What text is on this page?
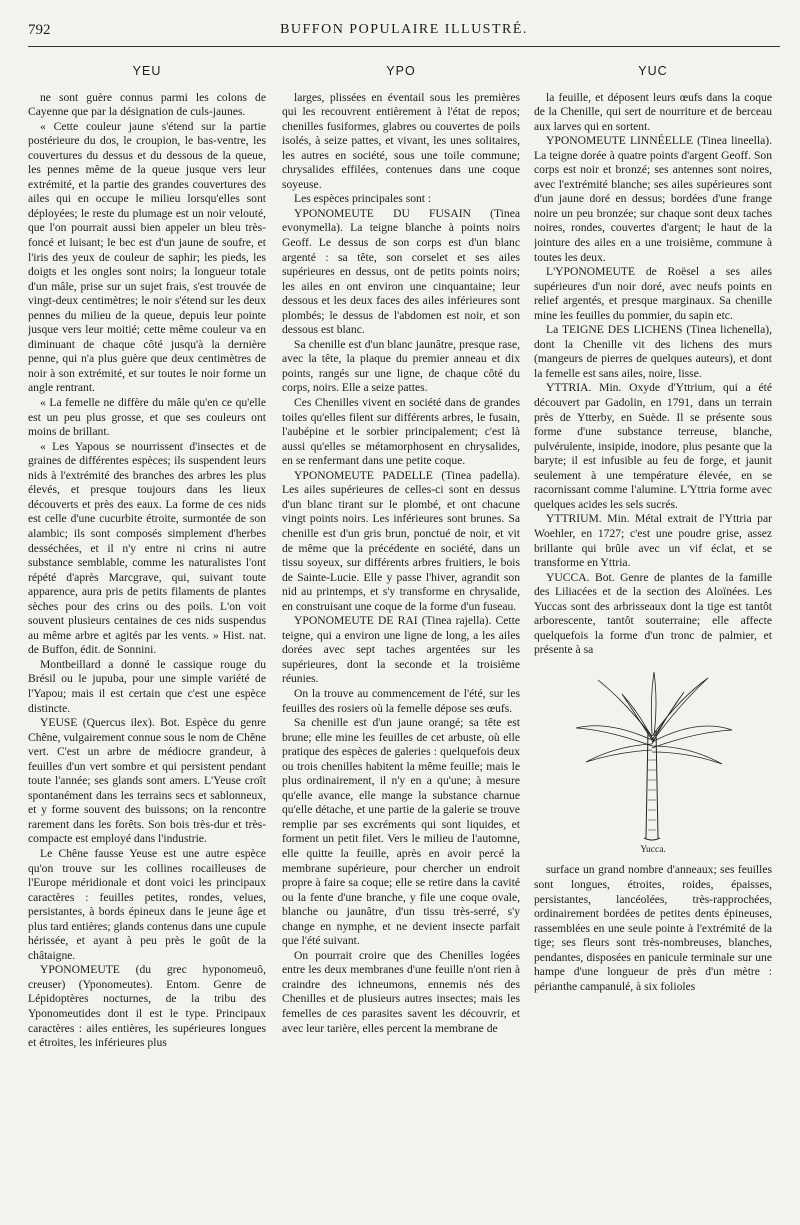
792	BUFFON POPULAIRE ILLUSTRÉ.
YEU

ne sont guère connus parmi les colons de Cayenne que par la désignation de culs-jaunes.

« Cette couleur jaune s'étend sur la partie postérieure du dos, le croupion, le bas-ventre, les couvertures du dessus et du dessous de la queue, les pennes même de la queue jusque vers leur extrémité, et la partie des grandes couvertures des ailes qui en occupe le milieu lorsqu'elles sont déployées; le reste du plumage est un noir velouté, que l'on pourrait aussi bien appeler un bleu très-foncé et luisant; le bec est d'un jaune de soufre, et l'iris des yeux de couleur de saphir; les pieds, les doigts et les ongles sont noirs; la longueur totale d'un mâle, prise sur un sujet frais, s'est trouvée de vingt-deux centimètres; le noir s'étend sur les deux pennes du milieu de la queue, depuis leur pointe jusque vers leur moitié; cette même couleur va en diminuant de chaque côté jusqu'à la dernière penne, qui n'a plus guère que deux centimètres de noir à son extrémité, et sur toutes le noir forme un angle rentrant.

« La femelle ne diffère du mâle qu'en ce qu'elle est un peu plus grosse, et que ses couleurs ont moins de brillant.

« Les Yapous se nourrissent d'insectes et de graines de différentes espèces; ils suspendent leurs nids à l'extrémité des branches des arbres les plus élevés, et presque toujours dans les lieux découverts et près des eaux. La forme de ces nids est celle d'une cucurbite étroite, surmontée de son alambic; ils sont composés simplement d'herbes desséchées, et il n'y entre ni crins ni autre substance semblable, comme les naturalistes l'ont répété d'après Marcgrave, qui, suivant toute apparence, aura pris de petits filaments de plantes sèches pour des crins ou des poils. L'on voit souvent plusieurs centaines de ces nids suspendus au même arbre et agités par les vents. » Hist. nat. de Buffon, édit. de Sonnini.

Montbeillard a donné le cassique rouge du Brésil ou le jupuba, pour une simple variété de l'Yapou; mais il est certain que c'est une espèce distincte.

YEUSE (Quercus ilex). Bot. Espèce du genre Chêne, vulgairement connue sous le nom de Chêne vert. C'est un arbre de médiocre grandeur, à feuilles d'un vert sombre et qui persistent pendant toute l'année; ses glands sont amers. L'Yeuse croît spontanément dans les terrains secs et sablonneux, et y forme souvent des buissons; on la rencontre rarement dans les forêts. Son bois très-dur et très-compacte est employé dans l'industrie.

Le Chêne fausse Yeuse est une autre espèce qu'on trouve sur les collines rocailleuses de l'Europe méridionale et dont voici les principaux caractères : feuilles petites, rondes, velues, persistantes, à bords épineux dans le jeune âge et plus tard entières; glands contenus dans une cupule hérissée, et ayant à peu près le goût de la châtaigne.

YPONOMEUTE (du grec hyponomeuô, creuser) (Yponomeutes). Entom. Genre de Lépidoptères nocturnes, de la tribu des Yponomeutides dont il est le type. Principaux caractères : ailes entières, les supérieures longues et étroites, les inférieures plus

YPO

larges, plissées en éventail sous les premières qui les recouvrent entièrement à l'état de repos; chenilles fusiformes, glabres ou couvertes de poils isolés, à seize pattes, et vivant, les unes solitaires, les autres en société, sous une toile commune; chrysalides effilées, contenues dans une coque soyeuse.

Les espèces principales sont :

YPONOMEUTE DU FUSAIN (Tinea evonymella). La teigne blanche à points noirs Geoff. Le dessus de son corps est d'un blanc argenté : sa tête, son corselet et ses ailes supérieures en dessus, ont de petits points noirs; les ailes en ont environ une cinquantaine; leur dessous et les deux faces des ailes inférieures sont plombés; le dessus de l'abdomen est noir, et son dessous est blanc.

Sa chenille est d'un blanc jaunâtre, presque rase, avec la tête, la plaque du premier anneau et dix points, rangés sur une ligne, de chaque côté du corps, noirs. Elle a seize pattes.

Ces Chenilles vivent en société dans de grandes toiles qu'elles filent sur différents arbres, le fusain, l'aubépine et le sorbier principalement; c'est là aussi qu'elles se métamorphosent en chrysalides, en se renfermant dans une petite coque.

YPONOMEUTE PADELLE (Tinea padella). Les ailes supérieures de celles-ci sont en dessus d'un blanc tirant sur le plombé, et ont chacune vingt points noirs. Les inférieures sont brunes. Sa chenille est d'un gris brun, ponctué de noir, et vit de même que la précédente en société, dans un tissu soyeux, sur différents arbres fruitiers, le bois de Sainte-Lucie. Elle y passe l'hiver, agrandit son nid au printemps, et s'y transforme en chrysalide, en construisant une coque de la forme d'un fuseau.

YPONOMEUTE DE RAI (Tinea rajella). Cette teigne, qui a environ une ligne de long, a les ailes dorées avec sept taches argentées sur les supérieures, dont la seconde et la troisième réunies.

On la trouve au commencement de l'été, sur les feuilles des rosiers où la femelle dépose ses œufs.

Sa chenille est d'un jaune orangé; sa tête est brune; elle mine les feuilles de cet arbuste, où elle pratique des espèces de galeries : quelquefois deux ou trois chenilles habitent la même feuille; mais le plus ordinairement, il n'y en a qu'une; à mesure qu'elle avance, elle mange la substance charnue qu'elle détache, et une partie de la galerie se trouve remplie par ses excréments qui sont liquides, et forment un petit filet. Vers le milieu de l'automne, elle quitte la feuille, après en avoir percé la membrane supérieure, pour chercher un endroit propre à faire sa coque; elle se retire dans la cavité ou la fente d'une branche, y file une coque ovale, blanche ou jaunâtre, d'un tissu très-serré, s'y change en nymphe, et ne devient insecte parfait que l'été suivant.

On pourrait croire que des Chenilles logées entre les deux membranes d'une feuille n'ont rien à craindre des ichneumons, ennemis nés des Chenilles et de plusieurs autres insectes; mais les femelles de ces parasites savent les découvrir, et avec leur tarière, elles percent la membrane de

YUC

la feuille, et déposent leurs œufs dans la coque de la Chenille, qui sert de nourriture et de berceau aux larves qui en sortent.

YPONOMEUTE LINNÉELLE (Tinea lineella). La teigne dorée à quatre points d'argent Geoff. Son corps est noir et bronzé; ses antennes sont noires, avec l'extrémité blanche; ses ailes supérieures sont d'un jaune doré en dessus; bordées d'une frange noire un peu bronzée; sur chaque sont deux taches noires, rondes, couvertes d'argent; le haut de la jointure des ailes en a une troisième, commune à toutes les deux.

L'YPONOMEUTE de Roësel a ses ailes supérieures d'un noir doré, avec neufs points en relief argentés, et presque marginaux. Sa chenille mine les feuilles du pommier, du sapin etc.

La TEIGNE DES LICHENS (Tinea lichenella), dont la Chenille vit des lichens des murs (mangeurs de pierres de quelques auteurs), et dont la femelle est sans ailes, noire, lisse.

YTTRIA. Min. Oxyde d'Yttrium, qui a été découvert par Gadolin, en 1791, dans un terrain près de Ytterby, en Suède. Il se présente sous forme d'une substance terreuse, blanche, pulvérulente, insipide, inodore, plus pesante que la baryte; il est infusible au feu de forge, et jaunit seulement à une température élevée, en se racornissant comme l'alumine. L'Yttria forme avec quelques acides les sels sucrés.

YTTRIUM. Min. Métal extrait de l'Yttria par Woehler, en 1727; c'est une poudre grise, assez brillante qui brûle avec un vif éclat, et se transforme en Yttria.

YUCCA. Bot. Genre de plantes de la famille des Liliacées et de la section des Aloïnées. Les Yuccas sont des arbrisseaux dont la tige est tantôt arborescente, tantôt souterraine; elle affecte quelquefois la forme d'un tronc de palmier, et présente à sa

Yucca.

surface un grand nombre d'anneaux; ses feuilles sont longues, étroites, roides, épaisses, persistantes, lancéolées, très-rapprochées, ordinairement bordées de petites dents épineuses, rassemblées en une seule pointe à l'extrémité de la tige; ses fleurs sont très-nombreuses, blanches, pendantes, disposées en panicule terminale sur une hampe d'une longueur de près d'un mètre : périanthe campanulé, à six folioles
